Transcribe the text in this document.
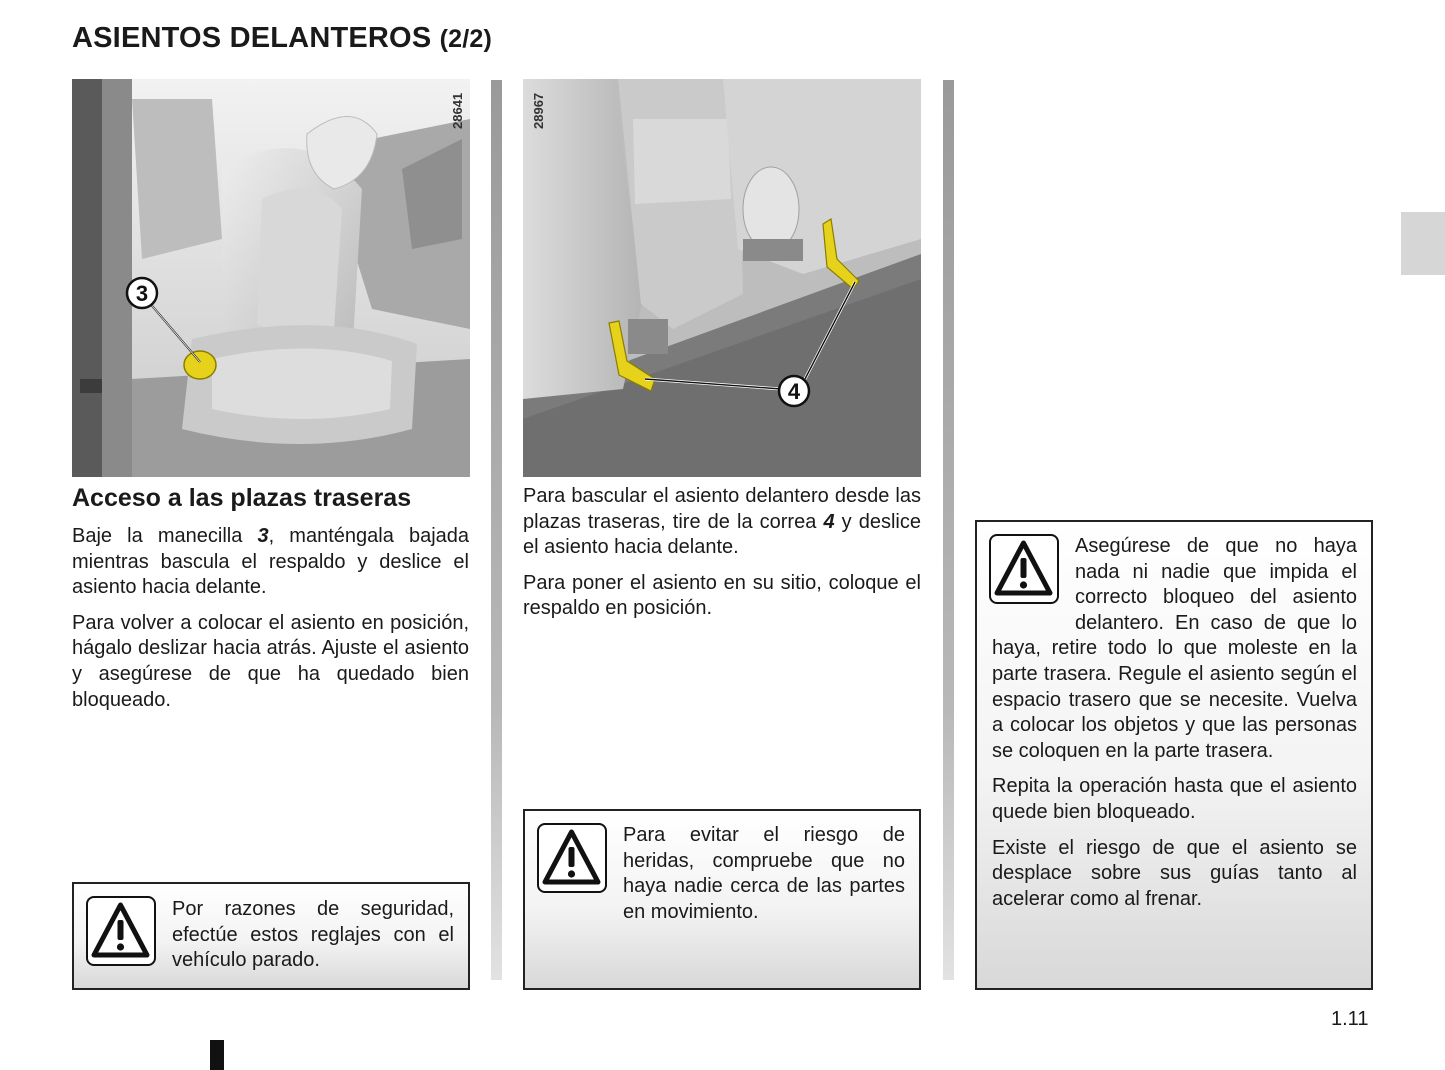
ASIENTOS DELANTEROS (2/2)
3
28641
Acceso a las plazas traseras

Baje la manecilla 3, manténgala bajada mientras bascula el respaldo y deslice el asiento hacia delante.

Para volver a colocar el asiento en posición, hágalo deslizar hacia atrás. Ajuste el asiento y asegúrese de que ha quedado bien bloqueado.

Por razones de seguridad, efectúe estos reglajes con el vehículo parado.

4
28967

Para bascular el asiento delantero desde las plazas traseras, tire de la correa 4 y deslice el asiento hacia delante.

Para poner el asiento en su sitio, coloque el respaldo en posición.

Para evitar el riesgo de heridas, compruebe que no haya nadie cerca de las partes en movimiento.

Asegúrese de que no haya nada ni nadie que impida el correcto bloqueo del asiento delantero. En caso de que lo haya, retire todo lo que moleste en la parte trasera. Regule el asiento según el espacio trasero que se necesite. Vuelva a colocar los objetos y que las personas se coloquen en la parte trasera.

Repita la operación hasta que el asiento quede bien bloqueado.

Existe el riesgo de que el asiento se desplace sobre sus guías tanto al acelerar como al frenar.

1.11
